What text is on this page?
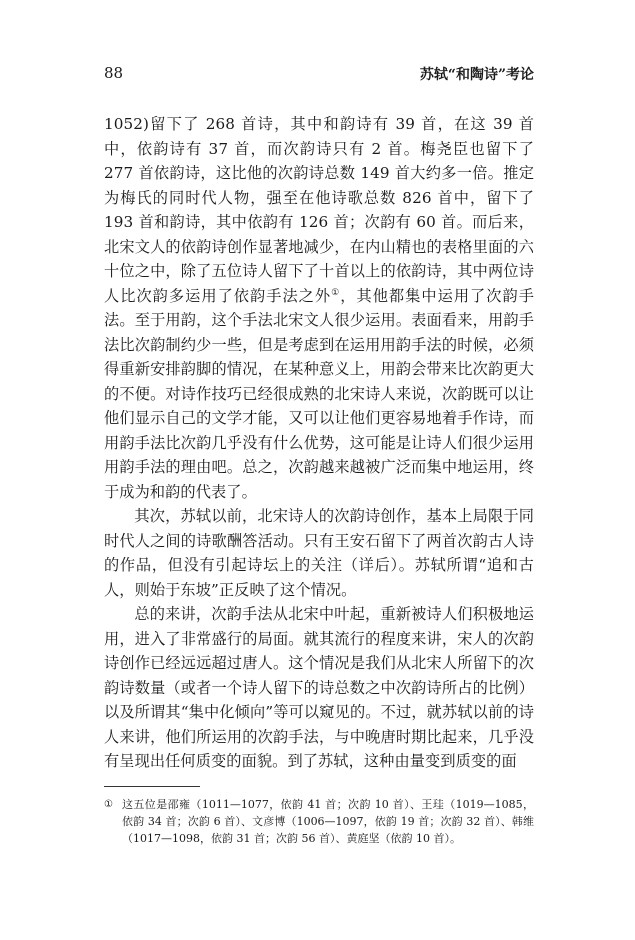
88	苏轼“和陶诗”考论

1052)留下了 268 首诗，其中和韵诗有 39 首，在这 39 首中，依韵诗有 37 首，而次韵诗只有 2 首。梅尧臣也留下了 277 首依韵诗，这比他的次韵诗总数 149 首大约多一倍。推定为梅氏的同时代人物，强至在他诗歌总数 826 首中，留下了 193 首和韵诗，其中依韵有 126 首；次韵有 60 首。而后来，北宋文人的依韵诗创作显著地减少，在内山精也的表格里面的六十位之中，除了五位诗人留下了十首以上的依韵诗，其中两位诗人比次韵多运用了依韵手法之外①，其他都集中运用了次韵手法。至于用韵，这个手法北宋文人很少运用。表面看来，用韵手法比次韵制约少一些，但是考虑到在运用用韵手法的时候，必须得重新安排韵脚的情况，在某种意义上，用韵会带来比次韵更大的不便。对诗作技巧已经很成熟的北宋诗人来说，次韵既可以让他们显示自己的文学才能，又可以让他们更容易地着手作诗，而用韵手法比次韵几乎没有什么优势，这可能是让诗人们很少运用用韵手法的理由吧。总之，次韵越来越被广泛而集中地运用，终于成为和韵的代表了。

其次，苏轼以前，北宋诗人的次韵诗创作，基本上局限于同时代人之间的诗歌酬答活动。只有王安石留下了两首次韵古人诗的作品，但没有引起诗坛上的关注（详后）。苏轼所谓“追和古人，则始于东坡”正反映了这个情况。

总的来讲，次韵手法从北宋中叶起，重新被诗人们积极地运用，进入了非常盛行的局面。就其流行的程度来讲，宋人的次韵诗创作已经远远超过唐人。这个情况是我们从北宋人所留下的次韵诗数量（或者一个诗人留下的诗总数之中次韵诗所占的比例）以及所谓其“集中化倾向”等可以窥见的。不过，就苏轼以前的诗人来讲，他们所运用的次韵手法，与中晚唐时期比起来，几乎没有呈现出任何质变的面貌。到了苏轼，这种由量变到质变的面

① 这五位是邵雍（1011—1077，依韵 41 首；次韵 10 首）、王珪（1019—1085，依韵 34 首；次韵 6 首）、文彦博（1006—1097，依韵 19 首；次韵 32 首）、韩维（1017—1098，依韵 31 首；次韵 56 首）、黄庭坚（依韵 10 首）。
